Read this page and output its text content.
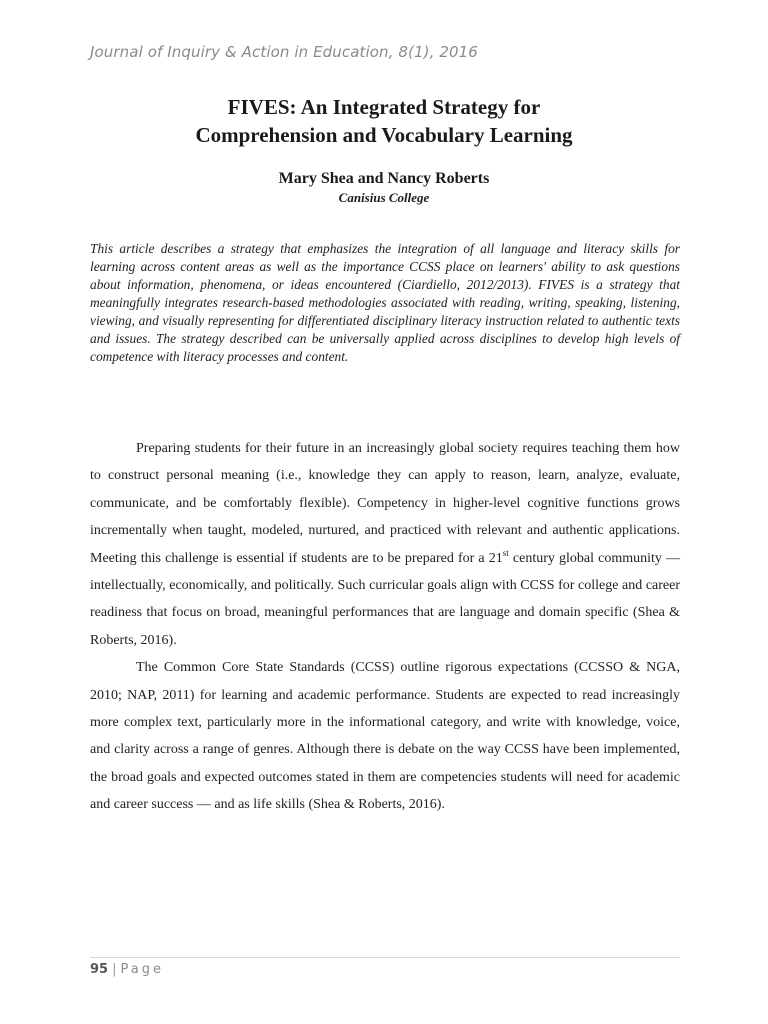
Journal of Inquiry & Action in Education, 8(1), 2016
FIVES: An Integrated Strategy for
Comprehension and Vocabulary Learning
Mary Shea and Nancy Roberts
Canisius College

This article describes a strategy that emphasizes the integration of all language and literacy skills for learning across content areas as well as the importance CCSS place on learners' ability to ask questions about information, phenomena, or ideas encountered (Ciardiello, 2012/2013). FIVES is a strategy that meaningfully integrates research-based methodologies associated with reading, writing, speaking, listening, viewing, and visually representing for differentiated disciplinary literacy instruction related to authentic texts and issues. The strategy described can be universally applied across disciplines to develop high levels of competence with literacy processes and content.

Preparing students for their future in an increasingly global society requires teaching them how to construct personal meaning (i.e., knowledge they can apply to reason, learn, analyze, evaluate, communicate, and be comfortably flexible). Competency in higher-level cognitive functions grows incrementally when taught, modeled, nurtured, and practiced with relevant and authentic applications. Meeting this challenge is essential if students are to be prepared for a 21st century global community — intellectually, economically, and politically. Such curricular goals align with CCSS for college and career readiness that focus on broad, meaningful performances that are language and domain specific (Shea & Roberts, 2016).

The Common Core State Standards (CCSS) outline rigorous expectations (CCSSO & NGA, 2010; NAP, 2011) for learning and academic performance. Students are expected to read increasingly more complex text, particularly more in the informational category, and write with knowledge, voice, and clarity across a range of genres. Although there is debate on the way CCSS have been implemented, the broad goals and expected outcomes stated in them are competencies students will need for academic and career success — and as life skills (Shea & Roberts, 2016).

95 | Page
